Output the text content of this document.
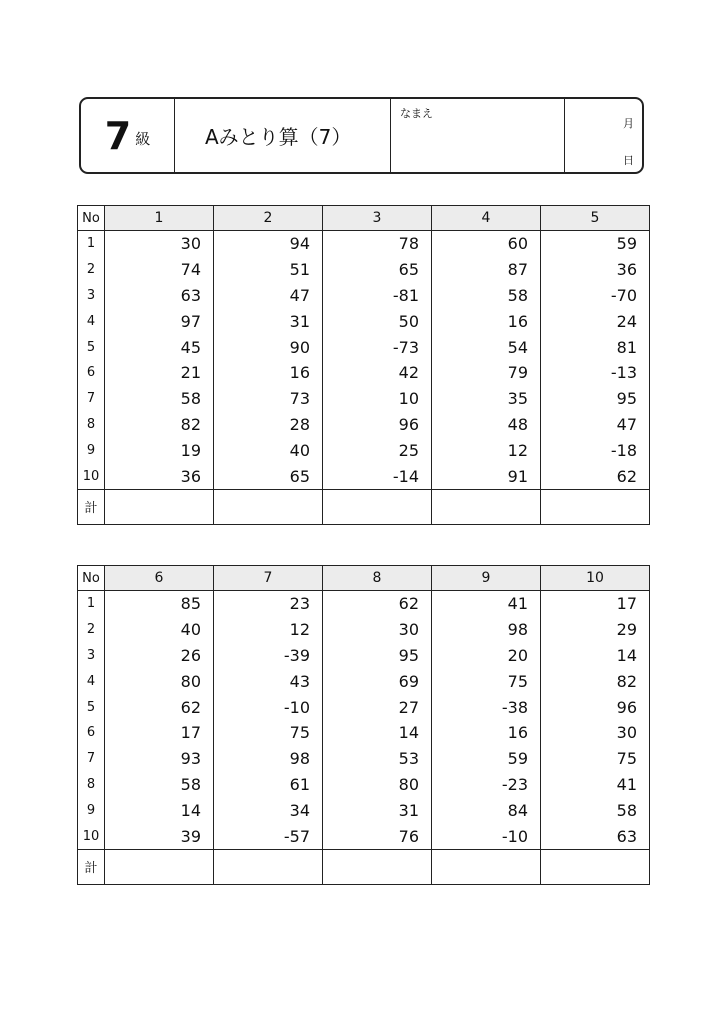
7 級	Aみとり算（7）
なまえ
月
日
No	1	2	3	4	5
1	30	94	78	60	59
2	74	51	65	87	36
3	63	47	-81	58	-70
4	97	31	50	16	24
5	45	90	-73	54	81
6	21	16	42	79	-13
7	58	73	10	35	95
8	82	28	96	48	47
9	19	40	25	12	-18
10	36	65	-14	91	62
計					
No	6	7	8	9	10
1	85	23	62	41	17
2	40	12	30	98	29
3	26	-39	95	20	14
4	80	43	69	75	82
5	62	-10	27	-38	96
6	17	75	14	16	30
7	93	98	53	59	75
8	58	61	80	-23	41
9	14	34	31	84	58
10	39	-57	76	-10	63
計					
